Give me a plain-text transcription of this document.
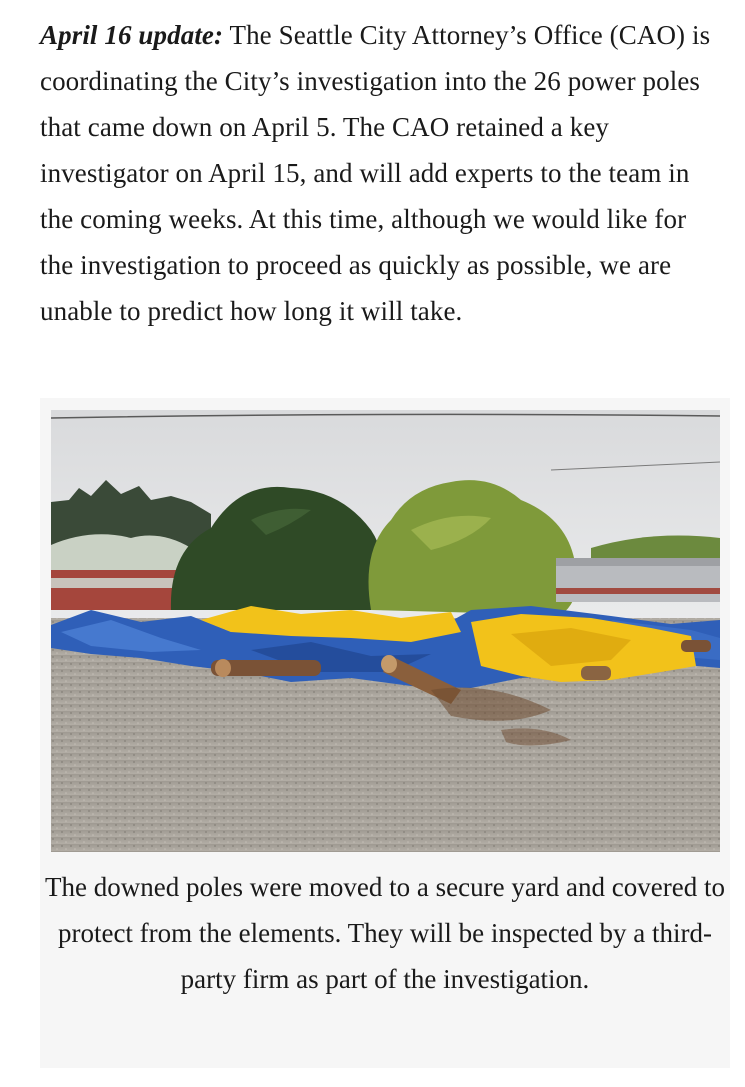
April 16 update: The Seattle City Attorney’s Office (CAO) is coordinating the City’s investigation into the 26 power poles that came down on April 5. The CAO retained a key investigator on April 15, and will add experts to the team in the coming weeks. At this time, although we would like for the investigation to proceed as quickly as possible, we are unable to predict how long it will take.

The downed poles were moved to a secure yard and covered to protect from the elements. They will be inspected by a third-party firm as part of the investigation.
